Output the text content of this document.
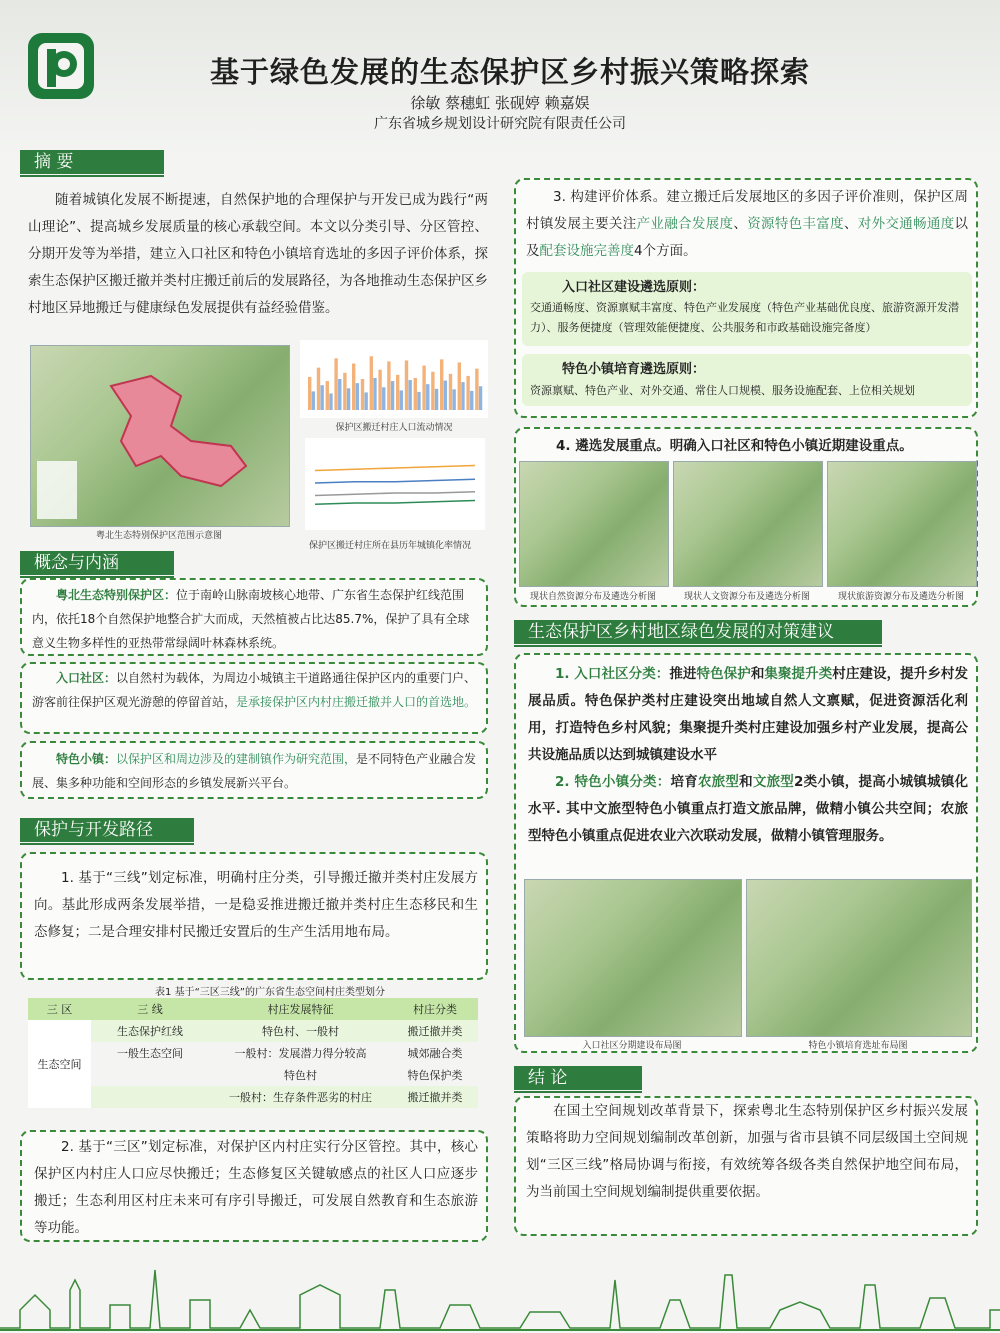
基于绿色发展的生态保护区乡村振兴策略探索
徐敏 蔡穗虹 张砚婷 赖嘉娱
广东省城乡规划设计研究院有限责任公司
摘 要
随着城镇化发展不断提速，自然保护地的合理保护与开发已成为践行“两山理论”、提高城乡发展质量的核心承载空间。本文以分类引导、分区管控、分期开发等为举措，建立入口社区和特色小镇培育选址的多因子评价体系，探索生态保护区搬迁撤并类村庄搬迁前后的发展路径，为各地推动生态保护区乡村地区异地搬迁与健康绿色发展提供有益经验借鉴。
粤北生态特别保护区范围示意图
保护区搬迁村庄人口流动情况
保护区搬迁村庄所在县历年城镇化率情况
概念与内涵
粤北生态特别保护区：位于南岭山脉南坡核心地带、广东省生态保护红线范围内，依托18个自然保护地整合扩大而成，天然植被占比达85.7%，保护了具有全球意义生物多样性的亚热带常绿阔叶林森林系统。
入口社区：以自然村为载体，为周边小城镇主干道路通往保护区内的重要门户、游客前往保护区观光游憩的停留首站，是承接保护区内村庄搬迁撤并人口的首选地。
特色小镇：以保护区和周边涉及的建制镇作为研究范围，是不同特色产业融合发展、集多种功能和空间形态的乡镇发展新兴平台。
保护与开发路径
1. 基于“三线”划定标准，明确村庄分类，引导搬迁撤并类村庄发展方向。基此形成两条发展举措，一是稳妥推进搬迁撤并类村庄生态移民和生态修复；二是合理安排村民搬迁安置后的生产生活用地布局。
表1 基于“三区三线”的广东省生态空间村庄类型划分
三 区	三 线	村庄发展特征	村庄分类
生态空间	生态保护红线	特色村、一般村	搬迁撤并类
	一般生态空间	一般村：发展潜力得分较高	城郊融合类
		特色村	特色保护类
		一般村：生存条件恶劣的村庄	搬迁撤并类
2. 基于“三区”划定标准，对保护区内村庄实行分区管控。其中，核心保护区内村庄人口应尽快搬迁；生态修复区关键敏感点的社区人口应逐步搬迁；生态利用区村庄未来可有序引导搬迁，可发展自然教育和生态旅游等功能。
3. 构建评价体系。建立搬迁后发展地区的多因子评价准则，保护区周村镇发展主要关注产业融合发展度、资源特色丰富度、对外交通畅通度以及配套设施完善度4个方面。
入口社区建设遴选原则：
交通通畅度、资源禀赋丰富度、特色产业发展度（特色产业基础优良度、旅游资源开发潜力）、服务便捷度（管理效能便捷度、公共服务和市政基础设施完备度）
特色小镇培育遴选原则：
资源禀赋、特色产业、对外交通、常住人口规模、服务设施配套、上位相关规划
4. 遴选发展重点。明确入口社区和特色小镇近期建设重点。
现状自然资源分布及遴选分析图	现状人文资源分布及遴选分析图	现状旅游资源分布及遴选分析图
生态保护区乡村地区绿色发展的对策建议
1. 入口社区分类：推进特色保护和集聚提升类村庄建设，提升乡村发展品质。特色保护类村庄建设突出地域自然人文禀赋，促进资源活化利用，打造特色乡村风貌；集聚提升类村庄建设加强乡村产业发展，提高公共设施品质以达到城镇建设水平
2. 特色小镇分类：培育农旅型和文旅型2类小镇，提高小城镇城镇化水平. 其中文旅型特色小镇重点打造文旅品牌，做精小镇公共空间；农旅型特色小镇重点促进农业六次联动发展，做精小镇管理服务。
入口社区分期建设布局图	特色小镇培育选址布局图
结 论
在国土空间规划改革背景下，探索粤北生态特别保护区乡村振兴发展策略将助力空间规划编制改革创新，加强与省市县镇不同层级国土空间规划“三区三线”格局协调与衔接，有效统筹各级各类自然保护地空间布局，为当前国土空间规划编制提供重要依据。
